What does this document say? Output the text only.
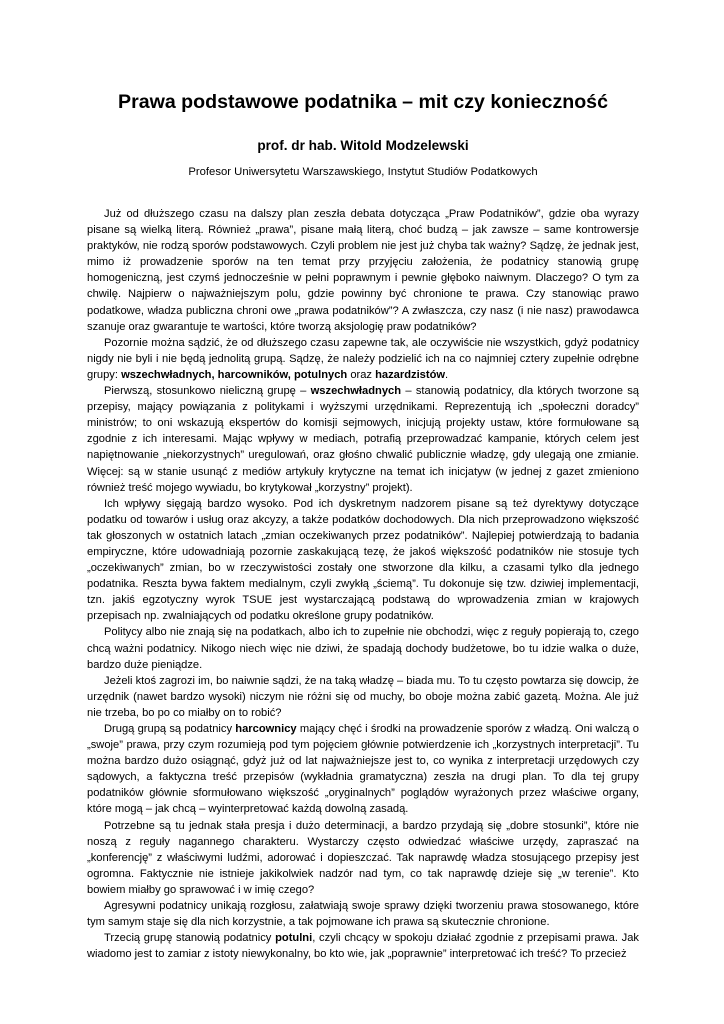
Prawa podstawowe podatnika – mit czy konieczność

prof. dr hab. Witold Modzelewski

Profesor Uniwersytetu Warszawskiego, Instytut Studiów Podatkowych

Już od dłuższego czasu na dalszy plan zeszła debata dotycząca „Praw Podatników”, gdzie oba wyrazy pisane są wielką literą. Również „prawa”, pisane małą literą, choć budzą – jak zawsze – same kontrowersje praktyków, nie rodzą sporów podstawowych. Czyli problem nie jest już chyba tak ważny? Sądzę, że jednak jest, mimo iż prowadzenie sporów na ten temat przy przyjęciu założenia, że podatnicy stanowią grupę homogeniczną, jest czymś jednocześnie w pełni poprawnym i pewnie głęboko naiwnym. Dlaczego? O tym za chwilę. Najpierw o najważniejszym polu, gdzie powinny być chronione te prawa. Czy stanowiąc prawo podatkowe, władza publiczna chroni owe „prawa podatników”? A zwłaszcza, czy nasz (i nie nasz) prawodawca szanuje oraz gwarantuje te wartości, które tworzą aksjologię praw podatników?

Pozornie można sądzić, że od dłuższego czasu zapewne tak, ale oczywiście nie wszystkich, gdyż podatnicy nigdy nie byli i nie będą jednolitą grupą. Sądzę, że należy podzielić ich na co najmniej cztery zupełnie odrębne grupy: wszechwładnych, harcowników, potulnych oraz hazardzistów.

Pierwszą, stosunkowo nieliczną grupę – wszechwładnych – stanowią podatnicy, dla których tworzone są przepisy, mający powiązania z politykami i wyższymi urzędnikami. Reprezentują ich „społeczni doradcy” ministrów; to oni wskazują ekspertów do komisji sejmowych, inicjują projekty ustaw, które formułowane są zgodnie z ich interesami. Mając wpływy w mediach, potrafią przeprowadzać kampanie, których celem jest napiętnowanie „niekorzystnych” uregulowań, oraz głośno chwalić publicznie władzę, gdy ulegają one zmianie. Więcej: są w stanie usunąć z mediów artykuły krytyczne na temat ich inicjatyw (w jednej z gazet zmieniono również treść mojego wywiadu, bo krytykował „korzystny” projekt).

Ich wpływy sięgają bardzo wysoko. Pod ich dyskretnym nadzorem pisane są też dyrektywy dotyczące podatku od towarów i usług oraz akcyzy, a także podatków dochodowych. Dla nich przeprowadzono większość tak głoszonych w ostatnich latach „zmian oczekiwanych przez podatników”. Najlepiej potwierdzają to badania empiryczne, które udowadniają pozornie zaskakującą tezę, że jakoś większość podatników nie stosuje tych „oczekiwanych” zmian, bo w rzeczywistości zostały one stworzone dla kilku, a czasami tylko dla jednego podatnika. Reszta bywa faktem medialnym, czyli zwykłą „ściemą”. Tu dokonuje się tzw. dziwiej implementacji, tzn. jakiś egzotyczny wyrok TSUE jest wystarczającą podstawą do wprowadzenia zmian w krajowych przepisach np. zwalniających od podatku określone grupy podatników.

Politycy albo nie znają się na podatkach, albo ich to zupełnie nie obchodzi, więc z reguły popierają to, czego chcą ważni podatnicy. Nikogo niech więc nie dziwi, że spadają dochody budżetowe, bo tu idzie walka o duże, bardzo duże pieniądze.

Jeżeli ktoś zagrozi im, bo naiwnie sądzi, że na taką władzę – biada mu. To tu często powtarza się dowcip, że urzędnik (nawet bardzo wysoki) niczym nie różni się od muchy, bo oboje można zabić gazetą. Można. Ale już nie trzeba, bo po co miałby on to robić?

Drugą grupą są podatnicy harcownicy mający chęć i środki na prowadzenie sporów z władzą. Oni walczą o „swoje” prawa, przy czym rozumieją pod tym pojęciem głównie potwierdzenie ich „korzystnych interpretacji”. Tu można bardzo dużo osiągnąć, gdyż już od lat najważniejsze jest to, co wynika z interpretacji urzędowych czy sądowych, a faktyczna treść przepisów (wykładnia gramatyczna) zeszła na drugi plan. To dla tej grupy podatników głównie sformułowano większość „oryginalnych” poglądów wyrażonych przez właściwe organy, które mogą – jak chcą – wyinterpretować każdą dowolną zasadą.

Potrzebne są tu jednak stała presja i dużo determinacji, a bardzo przydają się „dobre stosunki”, które nie noszą z reguły nagannego charakteru. Wystarczy często odwiedzać właściwe urzędy, zapraszać na „konferencję” z właściwymi ludźmi, adorować i dopieszczać. Tak naprawdę władza stosującego przepisy jest ogromna. Faktycznie nie istnieje jakikolwiek nadzór nad tym, co tak naprawdę dzieje się „w terenie”. Kto bowiem miałby go sprawować i w imię czego?

Agresywni podatnicy unikają rozgłosu, załatwiają swoje sprawy dzięki tworzeniu prawa stosowanego, które tym samym staje się dla nich korzystnie, a tak pojmowane ich prawa są skutecznie chronione.

Trzecią grupę stanowią podatnicy potulni, czyli chcący w spokoju działać zgodnie z przepisami prawa. Jak wiadomo jest to zamiar z istoty niewykonalny, bo kto wie, jak „poprawnie” interpretować ich treść? To przecież
